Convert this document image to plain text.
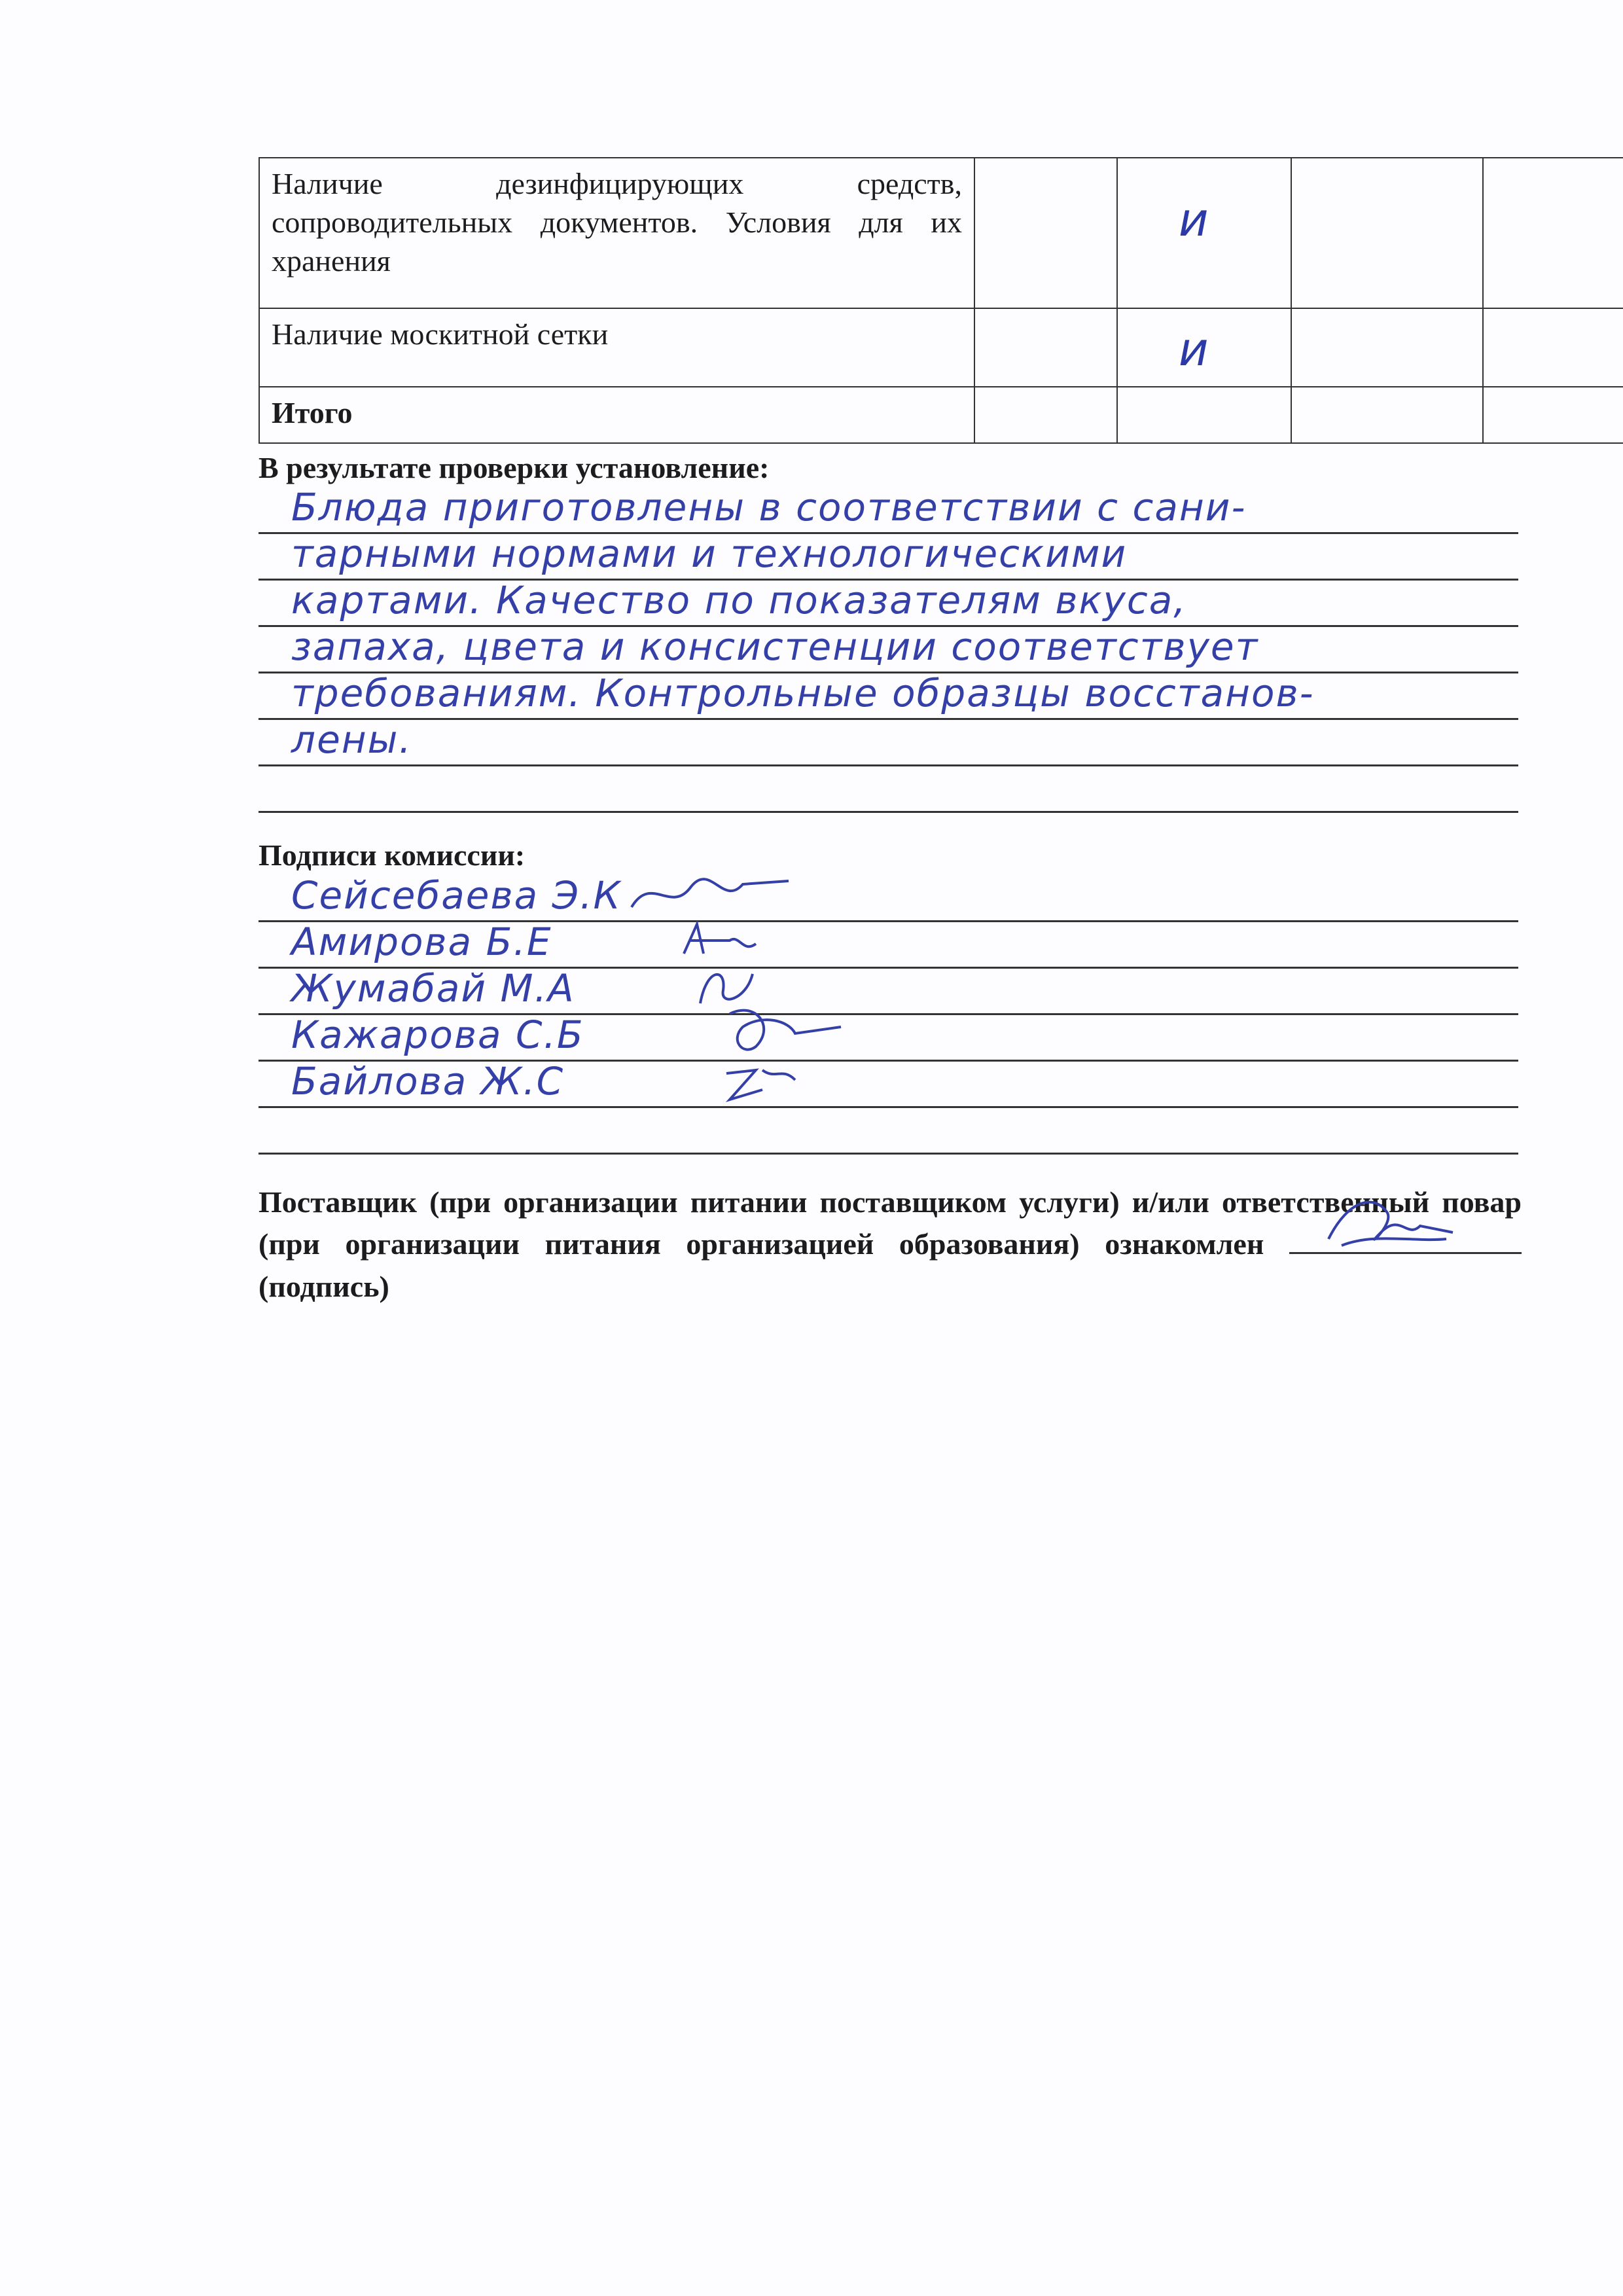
Наличие дезинфицирующих средств, сопроводительных документов. Условия для их хранения		и		

Наличие москитной сетки		и		

Итого				
В результате проверки установление:
Блюда приготовлены в соответствии с сани-
тарными нормами и технологическими
картами. Качество по показателям вкуса,
запаха, цвета и консистенции соответствует
требованиям. Контрольные образцы восстанов-
лены.
Подписи комиссии:
Сейсебаева Э.К
Амирова Б.Е
Жумабай М.А
Кажарова С.Б
Байлова Ж.С
Поставщик (при организации питании поставщиком услуги) и/или ответственный повар (при организации питания организацией образования) ознакомлен
(подпись)
